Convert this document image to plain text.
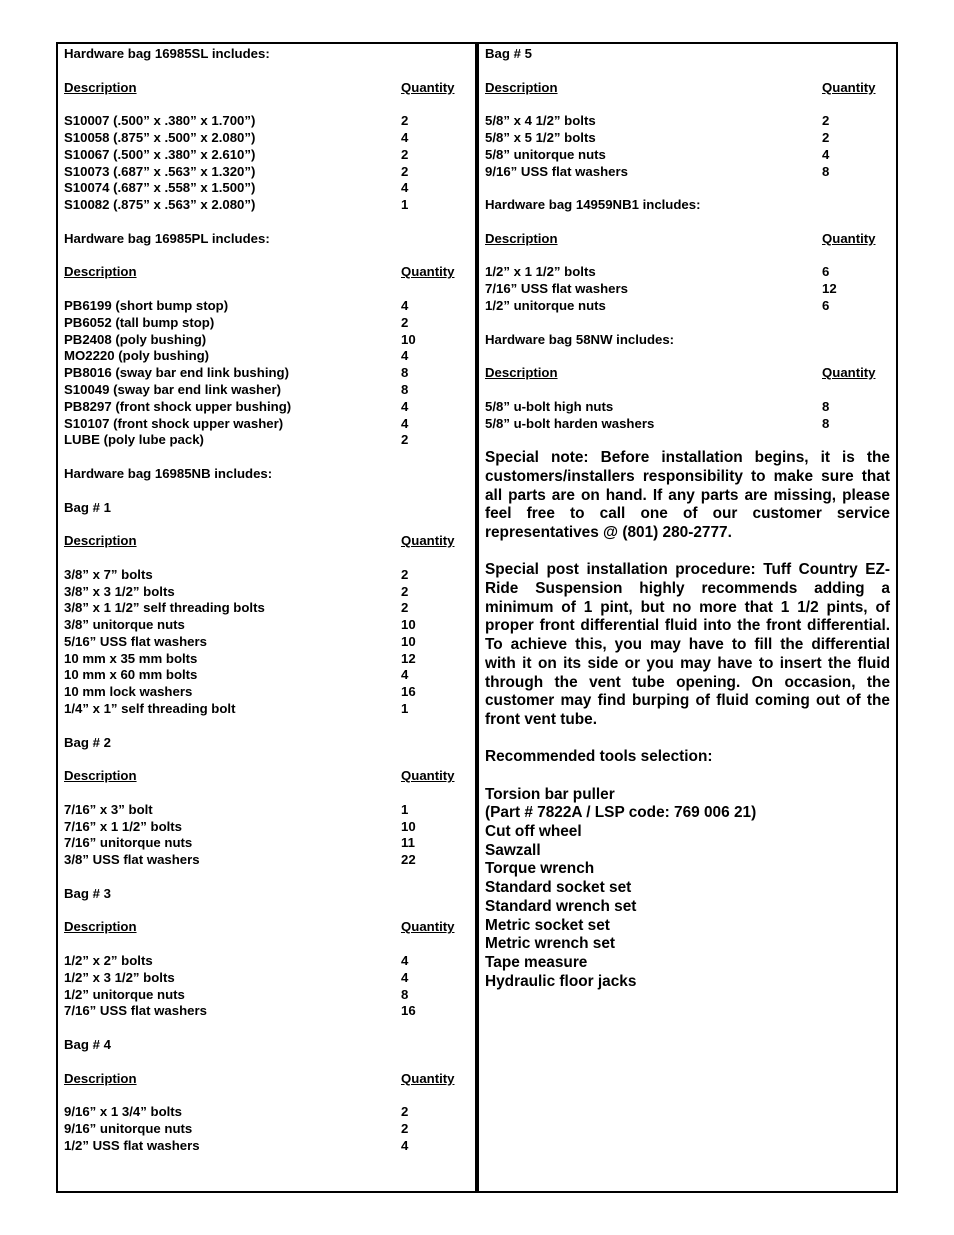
Hardware bag 16985SL includes:
Description	Quantity
S10007 (.500” x .380” x 1.700”)	2
S10058 (.875” x .500” x 2.080”)	4
S10067 (.500” x .380” x 2.610”)	2
S10073 (.687” x .563” x 1.320”)	2
S10074 (.687” x .558” x 1.500”)	4
S10082 (.875” x .563” x 2.080”)	1
Hardware bag 16985PL includes:
Description	Quantity
PB6199 (short bump stop)	4
PB6052 (tall bump stop)	2
PB2408 (poly bushing)	10
MO2220 (poly bushing)	4
PB8016 (sway bar end link bushing)	8
S10049 (sway bar end link washer)	8
PB8297 (front shock upper bushing)	4
S10107 (front shock upper washer)	4
LUBE (poly lube pack)	2
Hardware bag 16985NB includes:
Bag # 1
Description	Quantity
3/8” x 7” bolts	2
3/8” x 3 1/2” bolts	2
3/8” x 1 1/2” self threading bolts	2
3/8” unitorque nuts	10
5/16” USS flat washers	10
10 mm x 35 mm bolts	12
10 mm x 60 mm bolts	4
10 mm lock washers	16
1/4” x 1” self threading bolt	1
Bag # 2
Description	Quantity
7/16” x 3” bolt	1
7/16” x 1 1/2” bolts	10
7/16” unitorque nuts	11
3/8” USS flat washers	22
Bag # 3
Description	Quantity
1/2” x 2” bolts	4
1/2” x 3 1/2” bolts	4
1/2” unitorque nuts	8
7/16” USS flat washers	16
Bag # 4
Description	Quantity
9/16” x 1 3/4” bolts	2
9/16” unitorque nuts	2
1/2” USS flat washers	4
Bag # 5
Description	Quantity
5/8” x 4 1/2” bolts	2
5/8” x 5 1/2” bolts	2
5/8” unitorque nuts	4
9/16” USS flat washers	8
Hardware bag 14959NB1 includes:
Description	Quantity
1/2” x 1 1/2” bolts	6
7/16” USS flat washers	12
1/2” unitorque nuts	6
Hardware bag 58NW includes:
Description	Quantity
5/8” u-bolt high nuts	8
5/8” u-bolt harden washers	8

Special note: Before installation begins, it is the customers/installers responsibility to make sure that all parts are on hand. If any parts are missing, please feel free to call one of our customer service representatives @ (801) 280-2777.

Special post installation procedure: Tuff Country EZ-Ride Suspension highly recommends adding a minimum of 1 pint, but no more that 1 1/2 pints, of proper front differential fluid into the front differential. To achieve this, you may have to fill the differential with it on its side or you may have to insert the fluid through the vent tube opening. On occasion, the customer may find burping of fluid coming out of the front vent tube.

Recommended tools selection:
Torsion bar puller
(Part # 7822A / LSP code: 769 006 21)
Cut off wheel
Sawzall
Torque wrench
Standard socket set
Standard wrench set
Metric socket set
Metric wrench set
Tape measure
Hydraulic floor jacks
